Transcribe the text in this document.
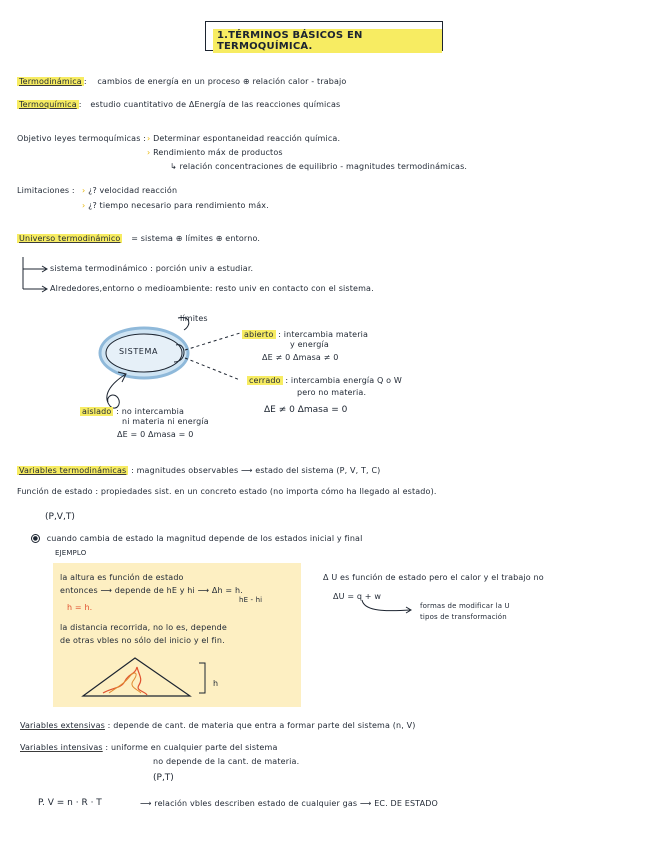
1.TÉRMINOS BÁSICOS EN TERMOQUÍMICA.
Termodinámica : cambios de energía en un proceso ⊕ relación calor - trabajo
Termoquímica : estudio cuantitativo de ΔEnergía de las reacciones químicas
Objetivo leyes termoquímicas : › Determinar espontaneidad reacción química.
› Rendimiento máx de productos
↳ relación concentraciones de equilibrio - magnitudes termodinámicas.
Limitaciones : › ¿? velocidad reacción
› ¿? tiempo necesario para rendimiento máx.
Universo termodinámico = sistema ⊕ límites ⊕ entorno.
sistema termodinámico : porción univ a estudiar.
Alrededores,entorno o medioambiente: resto univ en contacto con el sistema.
límites
SISTEMA
abierto : intercambia materia
y energía
ΔE ≠ 0 Δmasa ≠ 0
cerrado : intercambia energía Q o W
pero no materia.
ΔE ≠ 0 Δmasa = 0
aislado : no intercambia
ni materia ni energía
ΔE = 0 Δmasa = 0
Variables termodinámicas : magnitudes observables ⟶ estado del sistema (P, V, T, C)
Función de estado : propiedades sist. en un concreto estado (no importa cómo ha llegado al estado).
(P,V,T)
● cuando cambia de estado la magnitud depende de los estados inicial y final
EJEMPLO
la altura es función de estado
entonces ⟶ depende de hE y hi ⟶ Δh = h.
hE - hi
h = h.
la distancia recorrida, no lo es, depende
de otras vbles no sólo del inicio y el fin.
h
Δ U es función de estado pero el calor y el trabajo no
ΔU = q + w
formas de modificar la U
tipos de transformación
Variables extensivas : depende de cant. de materia que entra a formar parte del sistema (n, V)
Variables intensivas : uniforme en cualquier parte del sistema
no depende de la cant. de materia.
(P,T)
P. V = n · R · T	⟶ relación vbles describen estado de cualquier gas ⟶ EC. DE ESTADO
